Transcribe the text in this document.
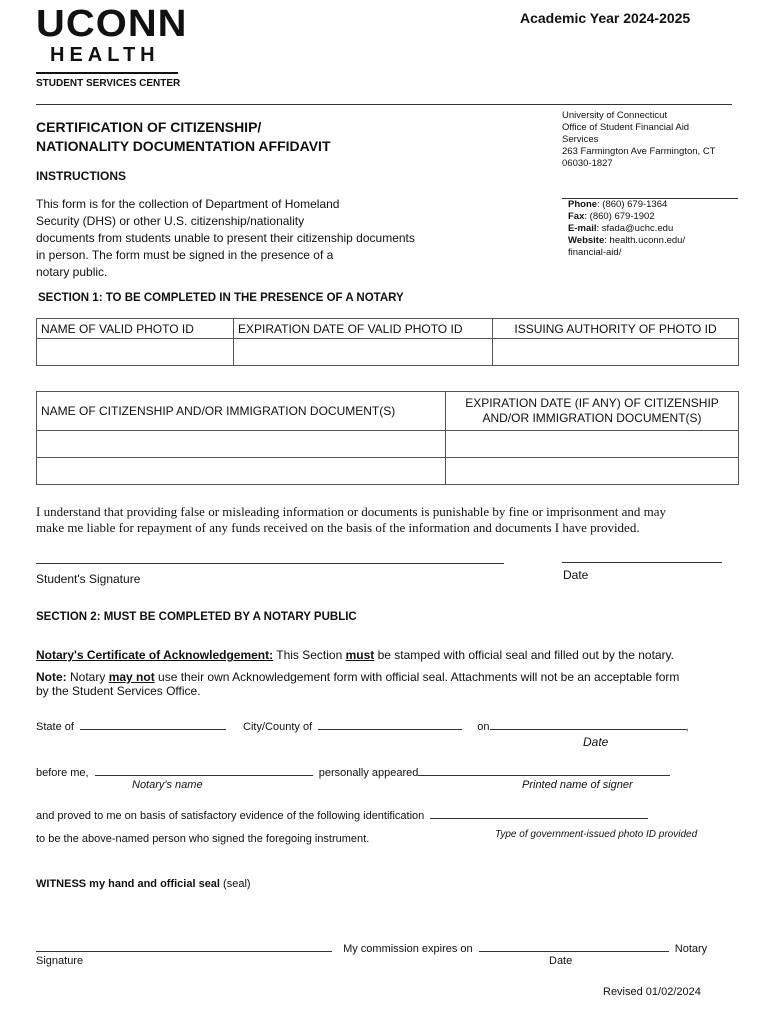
UCONN
HEALTH
STUDENT SERVICES CENTER
Academic Year 2024-2025
CERTIFICATION OF CITIZENSHIP/
NATIONALITY DOCUMENTATION AFFIDAVIT
INSTRUCTIONS
This form is for the collection of Department of Homeland
Security (DHS) or other U.S. citizenship/nationality
documents from students unable to present their citizenship documents
in person. The form must be signed in the presence of a
notary public.
University of Connecticut
Office of Student Financial Aid
Services
263 Farmington Ave Farmington, CT
06030-1827
Phone: (860) 679-1364
Fax: (860) 679-1902
E-mail: sfada@uchc.edu
Website: health.uconn.edu/
financial-aid/
SECTION 1: TO BE COMPLETED IN THE PRESENCE OF A NOTARY
NAME OF VALID PHOTO ID	EXPIRATION DATE OF VALID PHOTO ID	ISSUING AUTHORITY OF PHOTO ID

NAME OF CITIZENSHIP AND/OR IMMIGRATION DOCUMENT(S)	EXPIRATION DATE (IF ANY) OF CITIZENSHIP
AND/OR IMMIGRATION DOCUMENT(S)

I understand that providing false or misleading information or documents is punishable by fine or imprisonment and may
make me liable for repayment of any funds received on the basis of the information and documents I have provided.
Student's Signature	Date
SECTION 2: MUST BE COMPLETED BY A NOTARY PUBLIC
Notary's Certificate of Acknowledgement: This Section must be stamped with official seal and filled out by the notary.
Note: Notary may not use their own Acknowledgement form with official seal. Attachments will not be an acceptable form
by the Student Services Office.
State of	City/County of	on	,
Date
before me,	personally appeared
Notary's name	Printed name of signer
and proved to me on basis of satisfactory evidence of the following identification
Type of government-issued photo ID provided
to be the above-named person who signed the foregoing instrument.
WITNESS my hand and official seal (seal)
My commission expires on	Notary
Signature	Date
Revised 01/02/2024
